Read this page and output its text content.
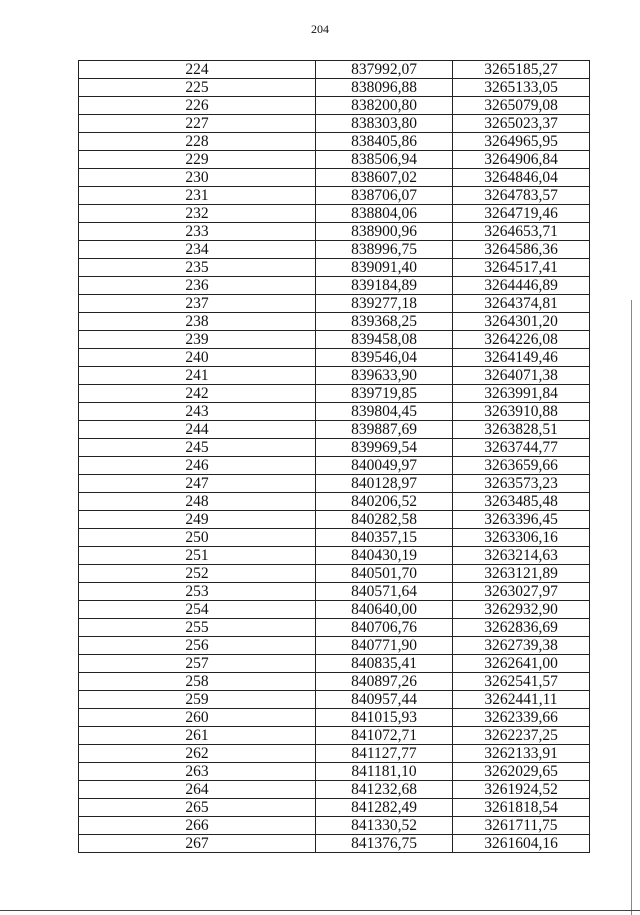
204
224	837992,07	3265185,27
225	838096,88	3265133,05
226	838200,80	3265079,08
227	838303,80	3265023,37
228	838405,86	3264965,95
229	838506,94	3264906,84
230	838607,02	3264846,04
231	838706,07	3264783,57
232	838804,06	3264719,46
233	838900,96	3264653,71
234	838996,75	3264586,36
235	839091,40	3264517,41
236	839184,89	3264446,89
237	839277,18	3264374,81
238	839368,25	3264301,20
239	839458,08	3264226,08
240	839546,04	3264149,46
241	839633,90	3264071,38
242	839719,85	3263991,84
243	839804,45	3263910,88
244	839887,69	3263828,51
245	839969,54	3263744,77
246	840049,97	3263659,66
247	840128,97	3263573,23
248	840206,52	3263485,48
249	840282,58	3263396,45
250	840357,15	3263306,16
251	840430,19	3263214,63
252	840501,70	3263121,89
253	840571,64	3263027,97
254	840640,00	3262932,90
255	840706,76	3262836,69
256	840771,90	3262739,38
257	840835,41	3262641,00
258	840897,26	3262541,57
259	840957,44	3262441,11
260	841015,93	3262339,66
261	841072,71	3262237,25
262	841127,77	3262133,91
263	841181,10	3262029,65
264	841232,68	3261924,52
265	841282,49	3261818,54
266	841330,52	3261711,75
267	841376,75	3261604,16
